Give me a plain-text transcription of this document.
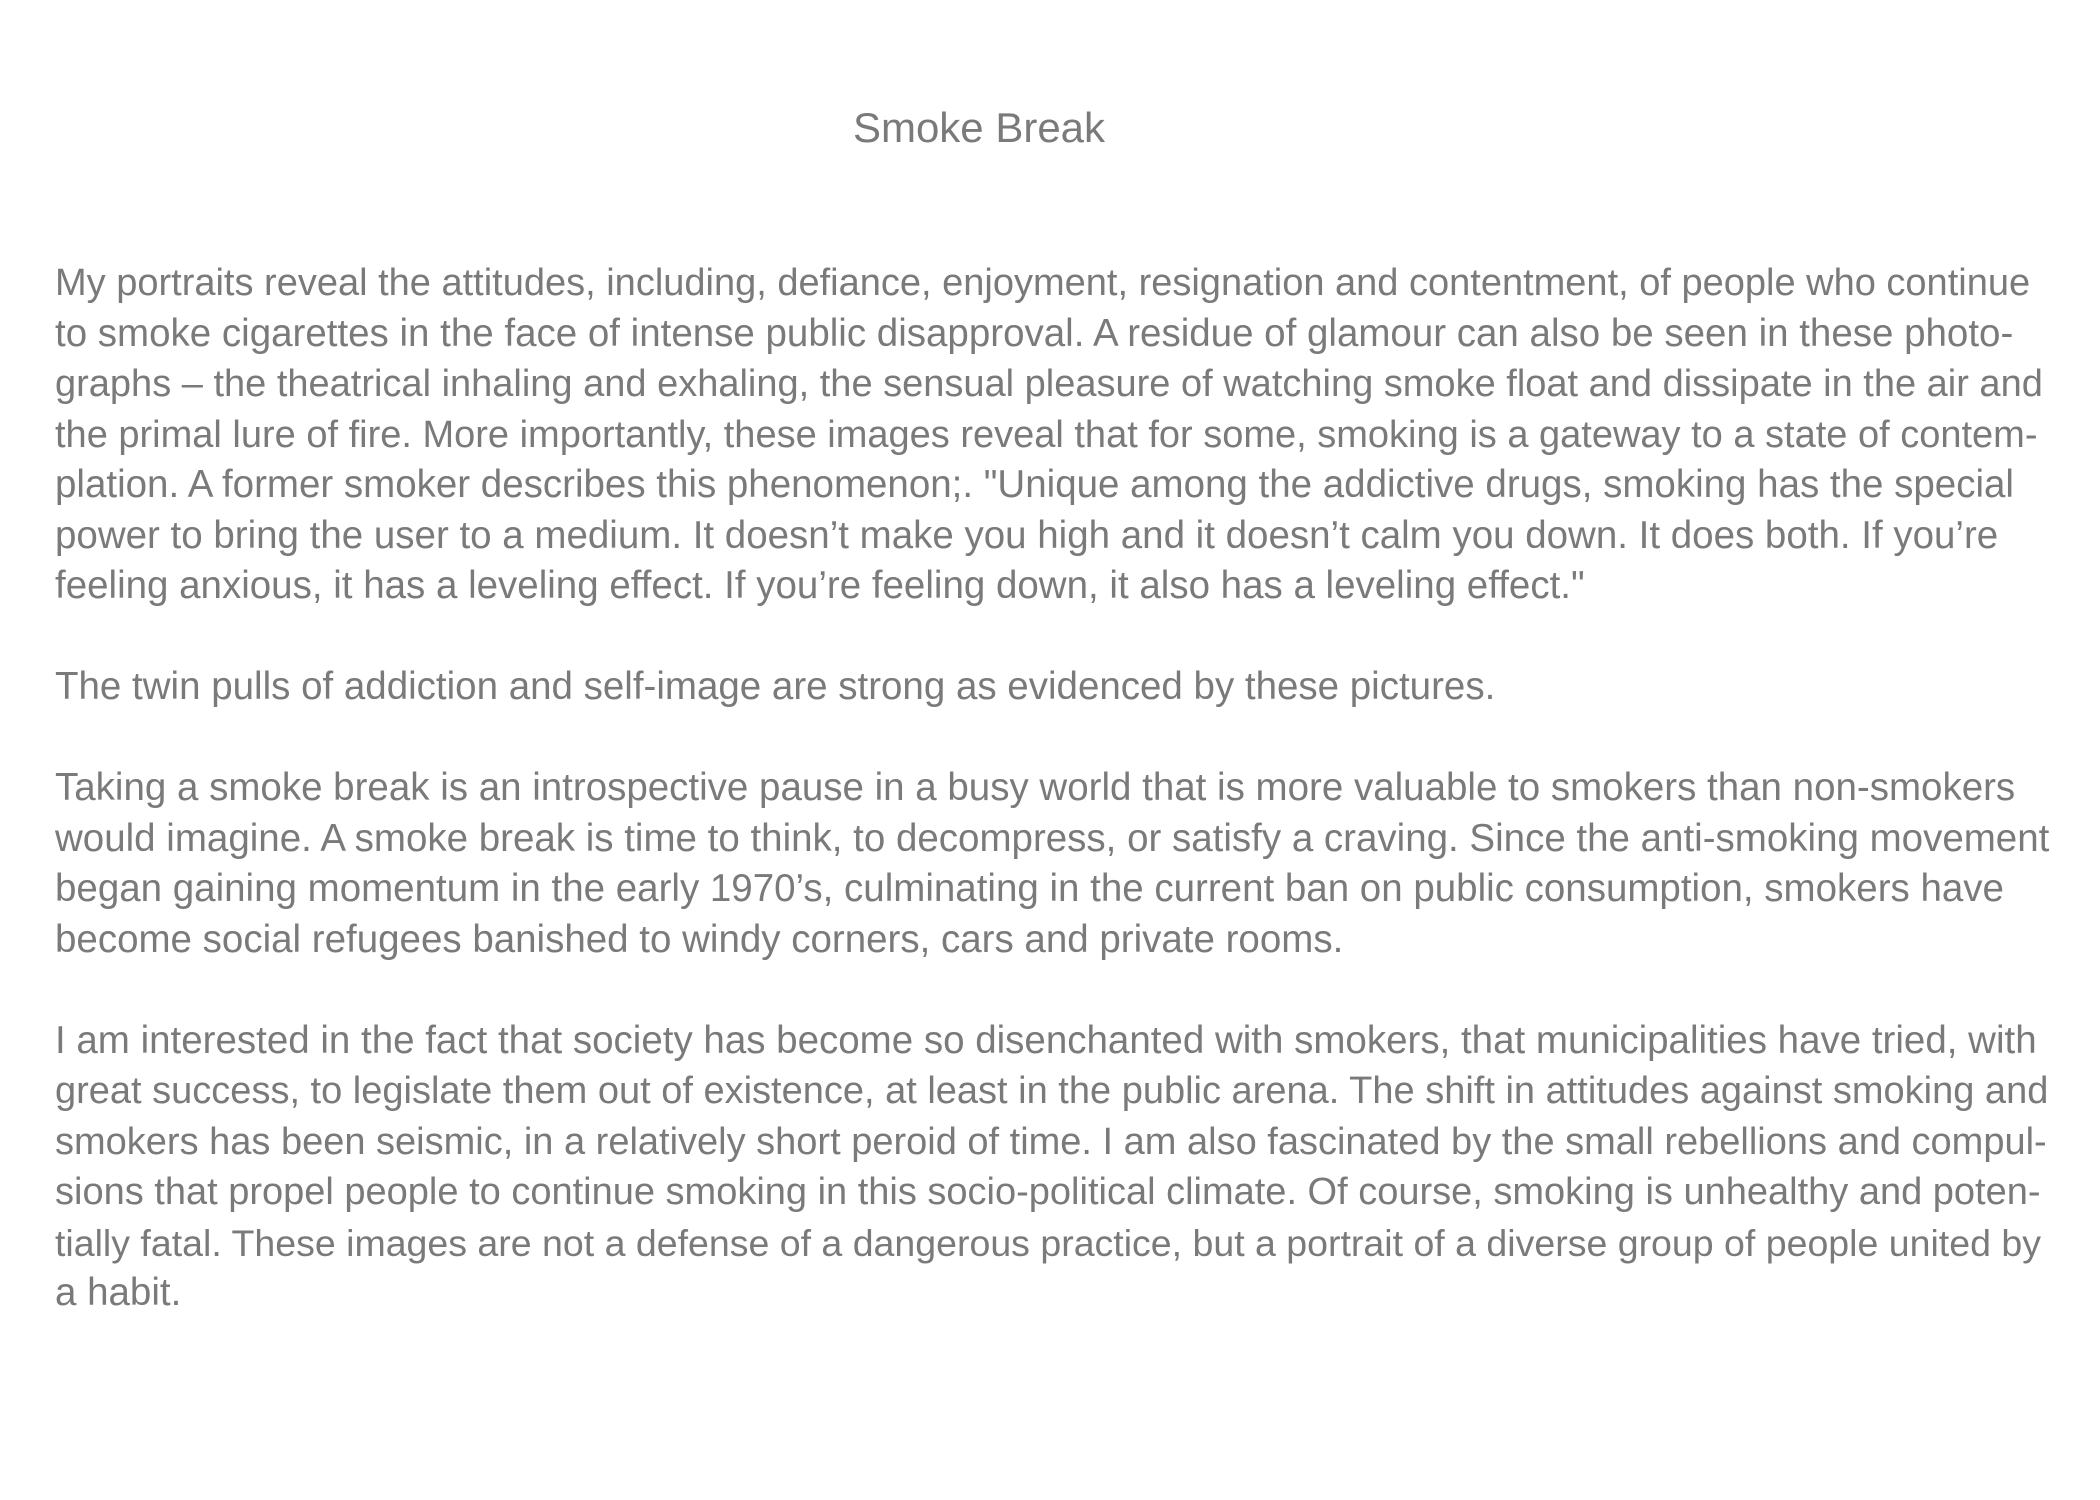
Smoke Break
My portraits reveal the attitudes, including, defiance, enjoyment, resignation and contentment, of people who continue
to smoke cigarettes in the face of intense public disapproval. A residue of glamour can also be seen in these photo-
graphs – the theatrical inhaling and exhaling, the sensual pleasure of watching smoke float and dissipate in the air and
the primal lure of fire. More importantly, these images reveal that for some, smoking is a gateway to a state of contem-
plation. A former smoker describes this phenomenon;. "Unique among the addictive drugs, smoking has the special
power to bring the user to a medium. It doesn’t make you high and it doesn’t calm you down. It does both. If you’re
feeling anxious, it has a leveling effect. If you’re feeling down, it also has a leveling effect."
The twin pulls of addiction and self-image are strong as evidenced by these pictures.
Taking a smoke break is an introspective pause in a busy world that is more valuable to smokers than non-smokers
would imagine. A smoke break is time to think, to decompress, or satisfy a craving. Since the anti-smoking movement
began gaining momentum in the early 1970’s, culminating in the current ban on public consumption, smokers have
become social refugees banished to windy corners, cars and private rooms.
I am interested in the fact that society has become so disenchanted with smokers, that municipalities have tried, with
great success, to legislate them out of existence, at least in the public arena. The shift in attitudes against smoking and
smokers has been seismic, in a relatively short peroid of time. I am also fascinated by the small rebellions and compul-
sions that propel people to continue smoking in this socio-political climate. Of course, smoking is unhealthy and poten-
tially fatal. These images are not a defense of a dangerous practice, but a portrait of a diverse group of people united by
a habit.
